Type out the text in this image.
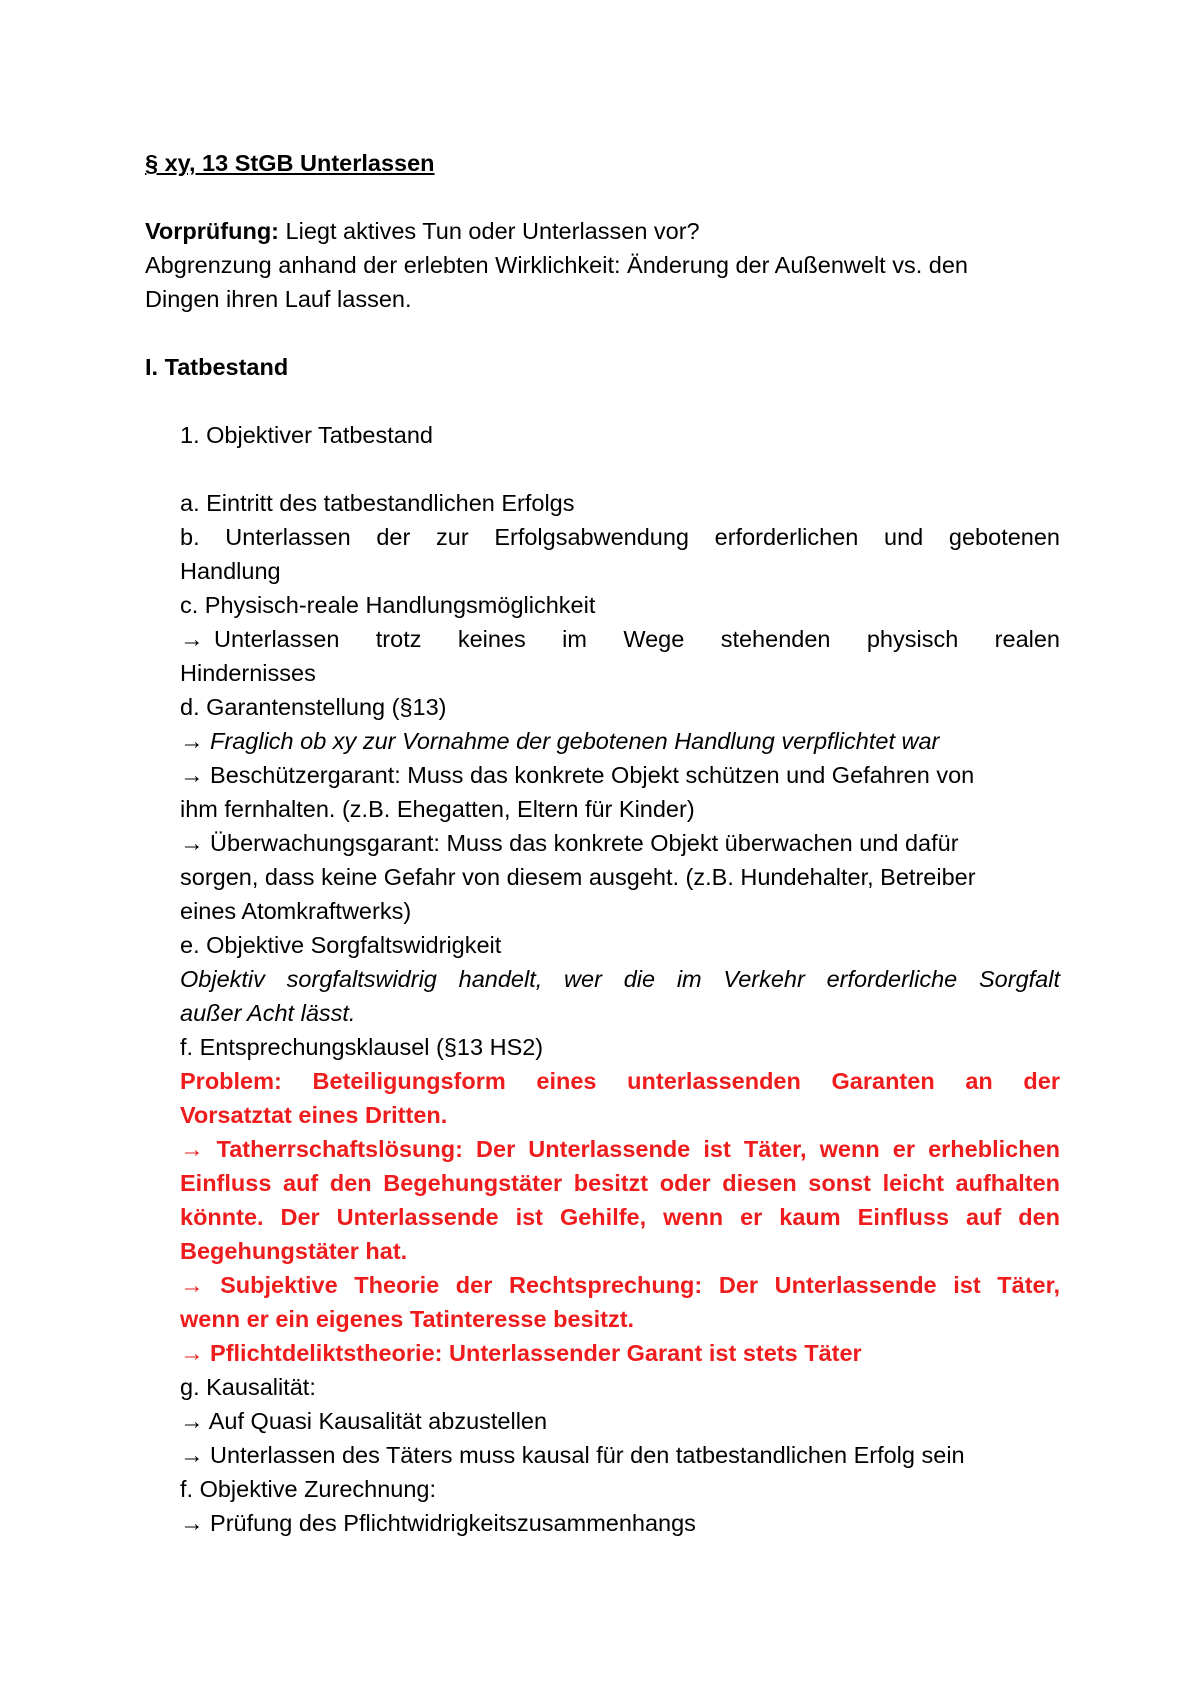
§ xy, 13 StGB Unterlassen
Vorprüfung: Liegt aktives Tun oder Unterlassen vor?
Abgrenzung anhand der erlebten Wirklichkeit: Änderung der Außenwelt vs. den
Dingen ihren Lauf lassen.
I. Tatbestand
1. Objektiver Tatbestand
a. Eintritt des tatbestandlichen Erfolgs
b. Unterlassen der zur Erfolgsabwendung erforderlichen und gebotenen
Handlung
c. Physisch-reale Handlungsmöglichkeit
→ Unterlassen trotz keines im Wege stehenden physisch realen
Hindernisses
d. Garantenstellung (§13)
→ Fraglich ob xy zur Vornahme der gebotenen Handlung verpflichtet war
→ Beschützergarant: Muss das konkrete Objekt schützen und Gefahren von
ihm fernhalten. (z.B. Ehegatten, Eltern für Kinder)
→ Überwachungsgarant: Muss das konkrete Objekt überwachen und dafür
sorgen, dass keine Gefahr von diesem ausgeht. (z.B. Hundehalter, Betreiber
eines Atomkraftwerks)
e. Objektive Sorgfaltswidrigkeit
Objektiv sorgfaltswidrig handelt, wer die im Verkehr erforderliche Sorgfalt
außer Acht lässt.
f. Entsprechungsklausel (§13 HS2)
Problem: Beteiligungsform eines unterlassenden Garanten an der
Vorsatztat eines Dritten.
→ Tatherrschaftslösung: Der Unterlassende ist Täter, wenn er erheblichen
Einfluss auf den Begehungstäter besitzt oder diesen sonst leicht aufhalten
könnte. Der Unterlassende ist Gehilfe, wenn er kaum Einfluss auf den
Begehungstäter hat.
→ Subjektive Theorie der Rechtsprechung: Der Unterlassende ist Täter,
wenn er ein eigenes Tatinteresse besitzt.
→ Pflichtdeliktstheorie: Unterlassender Garant ist stets Täter
g. Kausalität:
→ Auf Quasi Kausalität abzustellen
→ Unterlassen des Täters muss kausal für den tatbestandlichen Erfolg sein
f. Objektive Zurechnung:
→ Prüfung des Pflichtwidrigkeitszusammenhangs
